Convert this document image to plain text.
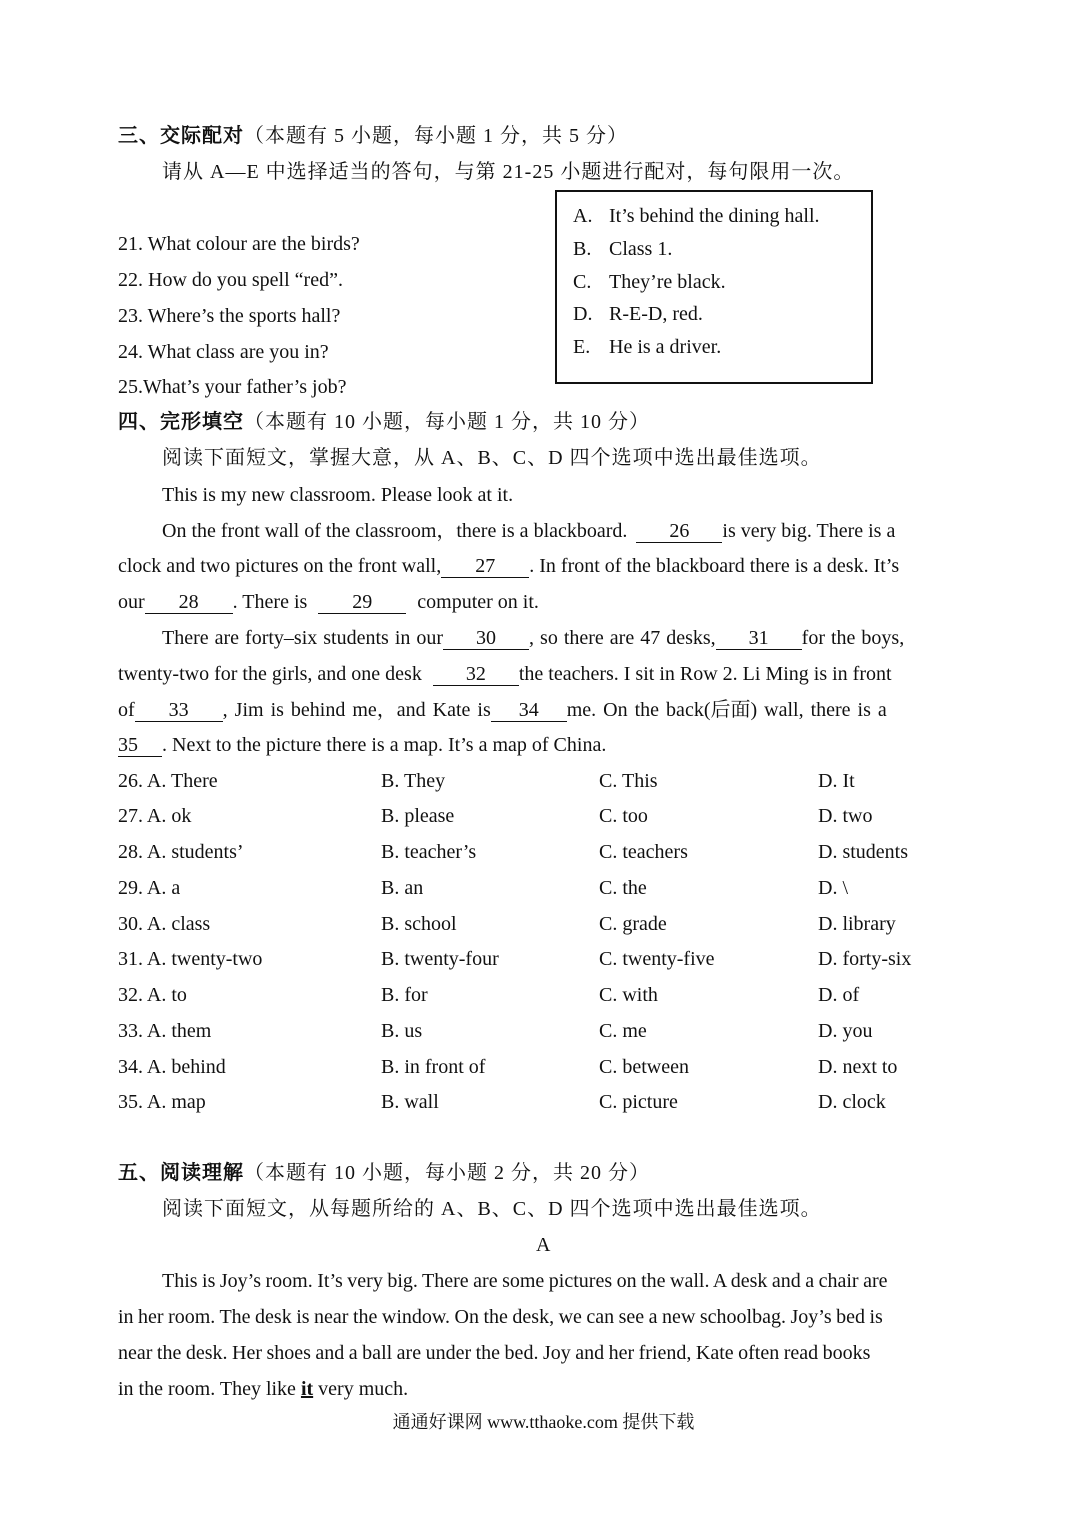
三、交际配对（本题有 5 小题，每小题 1 分，共 5 分）
请从 A—E 中选择适当的答句，与第 21-25 小题进行配对，每句限用一次。
21. What colour are the birds?
22. How do you spell “red”.
23. Where’s the sports hall?
24. What class are you in?
25.What’s your father’s job?
A. It’s behind the dining hall.
B. Class 1.
C. They’re black.
D. R-E-D, red.
E. He is a driver.
四、完形填空（本题有 10 小题，每小题 1 分，共 10 分）
阅读下面短文，掌握大意，从 A、B、C、D 四个选项中选出最佳选项。
This is my new classroom. Please look at it.
On the front wall of the classroom，there is a blackboard. 26 is very big. There is a
clock and two pictures on the front wall, 27 . In front of the blackboard there is a desk. It’s
our 28 . There is 29 computer on it.
There are forty–six students in our 30 , so there are 47 desks, 31 for the boys,
twenty-two for the girls, and one desk 32 the teachers. I sit in Row 2. Li Ming is in front
of 33 , Jim is behind me，and Kate is 34 me. On the back(后面) wall, there is a
35 . Next to the picture there is a map. It’s a map of China.
26. A. There	B. They	C. This	D. It
27. A. ok	B. please	C. too	D. two
28. A. students’	B. teacher’s	C. teachers	D. students
29. A. a	B. an	C. the	D. \
30. A. class	B. school	C. grade	D. library
31. A. twenty-two	B. twenty-four	C. twenty-five	D. forty-six
32. A. to	B. for	C. with	D. of
33. A. them	B. us	C. me	D. you
34. A. behind	B. in front of	C. between	D. next to
35. A. map	B. wall	C. picture	D. clock
五、阅读理解（本题有 10 小题，每小题 2 分，共 20 分）
阅读下面短文，从每题所给的 A、B、C、D 四个选项中选出最佳选项。
A
This is Joy’s room. It’s very big. There are some pictures on the wall. A desk and a chair are
in her room. The desk is near the window. On the desk, we can see a new schoolbag. Joy’s bed is
near the desk. Her shoes and a ball are under the bed. Joy and her friend, Kate often read books
in the room. They like it very much.
通通好课网 www.tthaoke.com 提供下载
